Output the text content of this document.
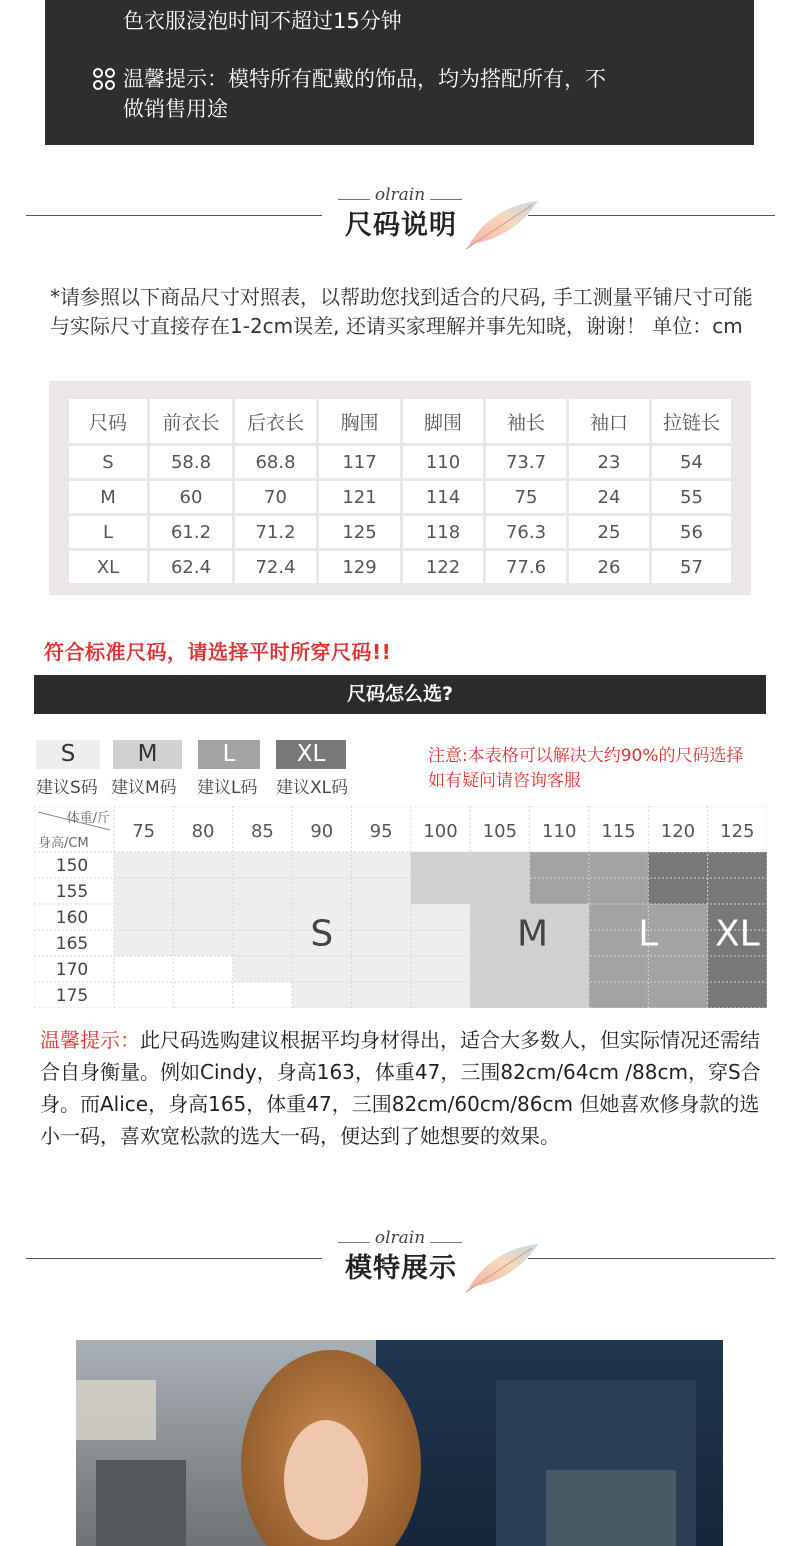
色衣服浸泡时间不超过15分钟
温馨提示：模特所有配戴的饰品，均为搭配所有，不
做销售用途
olrain
尺码说明
*请参照以下商品尺寸对照表，以帮助您找到适合的尺码, 手工测量平铺尺寸可能与实际尺寸直接存在1-2cm误差, 还请买家理解并事先知晓，谢谢！ 单位：cm
尺码	前衣长	后衣长	胸围	脚围	袖长	袖口	拉链长
S	58.8	68.8	117	110	73.7	23	54
M	60	70	121	114	75	24	55
L	61.2	71.2	125	118	76.3	25	56
XL	62.4	72.4	129	122	77.6	26	57
符合标准尺码，请选择平时所穿尺码!!
尺码怎么选?
S	M	L	XL
建议S码 建议M码 建议L码 建议XL码
注意:本表格可以解决大约90%的尺码选择
如有疑问请咨询客服
体重/斤
身高/CM
75 80 85 90 95 100 105 110 115 120 125
150
155
160
165
170
175
S	M	L XL
温馨提示：此尺码选购建议根据平均身材得出，适合大多数人，但实际情况还需结合自身衡量。例如Cindy，身高163，体重47，三围82cm/64cm /88cm，穿S合身。而Alice，身高165，体重47，三围82cm/60cm/86cm 但她喜欢修身款的选小一码，喜欢宽松款的选大一码，便达到了她想要的效果。
olrain
模特展示
